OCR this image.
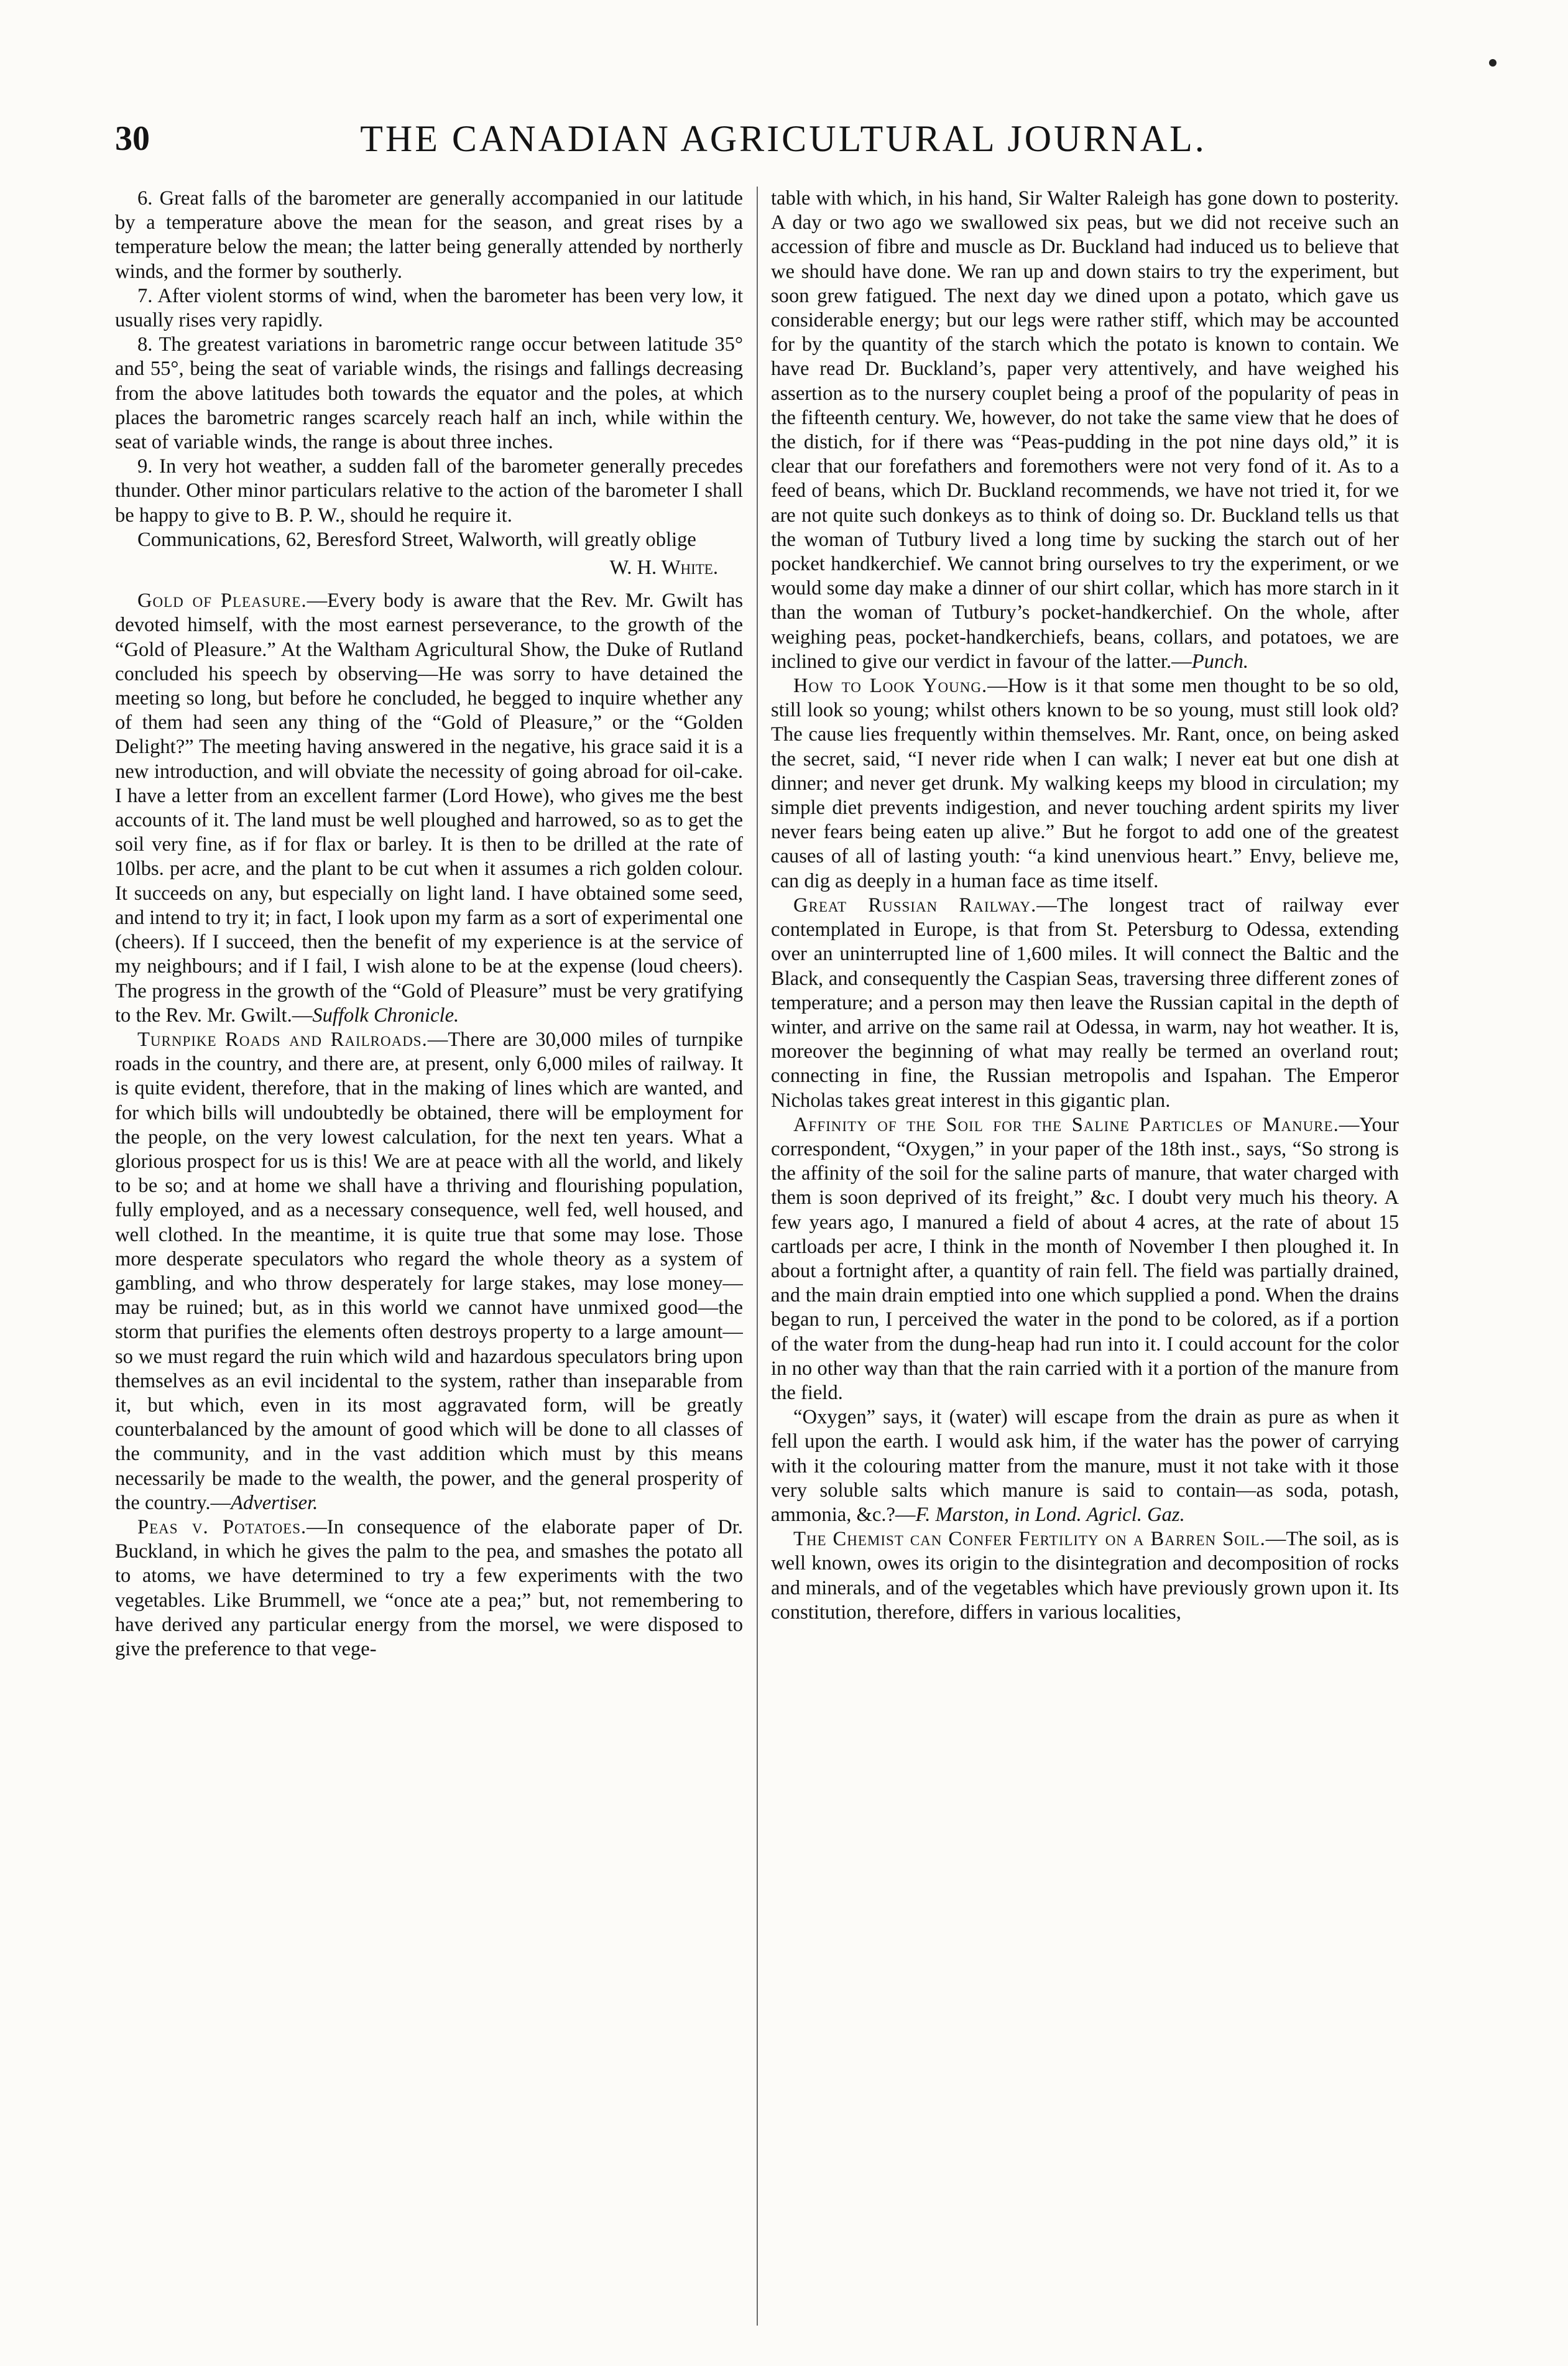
30	THE CANADIAN AGRICULTURAL JOURNAL.

6. Great falls of the barometer are generally accompanied in our latitude by a temperature above the mean for the season, and great rises by a temperature below the mean; the latter being generally attended by northerly winds, and the former by southerly.

7. After violent storms of wind, when the barometer has been very low, it usually rises very rapidly.

8. The greatest variations in barometric range occur between latitude 35° and 55°, being the seat of variable winds, the risings and fallings decreasing from the above latitudes both towards the equator and the poles, at which places the barometric ranges scarcely reach half an inch, while within the seat of variable winds, the range is about three inches.

9. In very hot weather, a sudden fall of the barometer generally precedes thunder. Other minor particulars relative to the action of the barometer I shall be happy to give to B. P. W., should he require it.

Communications, 62, Beresford Street, Walworth, will greatly oblige

W. H. White.

Gold of Pleasure.—Every body is aware that the Rev. Mr. Gwilt has devoted himself, with the most earnest perseverance, to the growth of the “Gold of Pleasure.” At the Waltham Agricultural Show, the Duke of Rutland concluded his speech by observing—He was sorry to have detained the meeting so long, but before he concluded, he begged to inquire whether any of them had seen any thing of the “Gold of Pleasure,” or the “Golden Delight?” The meeting having answered in the negative, his grace said it is a new introduction, and will obviate the necessity of going abroad for oil-cake. I have a letter from an excellent farmer (Lord Howe), who gives me the best accounts of it. The land must be well ploughed and harrowed, so as to get the soil very fine, as if for flax or barley. It is then to be drilled at the rate of 10lbs. per acre, and the plant to be cut when it assumes a rich golden colour. It succeeds on any, but especially on light land. I have obtained some seed, and intend to try it; in fact, I look upon my farm as a sort of experimental one (cheers). If I succeed, then the benefit of my experience is at the service of my neighbours; and if I fail, I wish alone to be at the expense (loud cheers). The progress in the growth of the “Gold of Pleasure” must be very gratifying to the Rev. Mr. Gwilt.—Suffolk Chronicle.

Turnpike Roads and Railroads.—There are 30,000 miles of turnpike roads in the country, and there are, at present, only 6,000 miles of railway. It is quite evident, therefore, that in the making of lines which are wanted, and for which bills will undoubtedly be obtained, there will be employment for the people, on the very lowest calculation, for the next ten years. What a glorious prospect for us is this! We are at peace with all the world, and likely to be so; and at home we shall have a thriving and flourishing population, fully employed, and as a necessary consequence, well fed, well housed, and well clothed. In the meantime, it is quite true that some may lose. Those more desperate speculators who regard the whole theory as a system of gambling, and who throw desperately for large stakes, may lose money—may be ruined; but, as in this world we cannot have unmixed good—the storm that purifies the elements often destroys property to a large amount—so we must regard the ruin which wild and hazardous speculators bring upon themselves as an evil incidental to the system, rather than inseparable from it, but which, even in its most aggravated form, will be greatly counterbalanced by the amount of good which will be done to all classes of the community, and in the vast addition which must by this means necessarily be made to the wealth, the power, and the general prosperity of the country.—Advertiser.

Peas v. Potatoes.—In consequence of the elaborate paper of Dr. Buckland, in which he gives the palm to the pea, and smashes the potato all to atoms, we have determined to try a few experiments with the two vegetables. Like Brummell, we “once ate a pea;” but, not remembering to have derived any particular energy from the morsel, we were disposed to give the preference to that vege-

table with which, in his hand, Sir Walter Raleigh has gone down to posterity. A day or two ago we swallowed six peas, but we did not receive such an accession of fibre and muscle as Dr. Buckland had induced us to believe that we should have done. We ran up and down stairs to try the experiment, but soon grew fatigued. The next day we dined upon a potato, which gave us considerable energy; but our legs were rather stiff, which may be accounted for by the quantity of the starch which the potato is known to contain. We have read Dr. Buckland’s, paper very attentively, and have weighed his assertion as to the nursery couplet being a proof of the popularity of peas in the fifteenth century. We, however, do not take the same view that he does of the distich, for if there was “Peas-pudding in the pot nine days old,” it is clear that our forefathers and foremothers were not very fond of it. As to a feed of beans, which Dr. Buckland recommends, we have not tried it, for we are not quite such donkeys as to think of doing so. Dr. Buckland tells us that the woman of Tutbury lived a long time by sucking the starch out of her pocket handkerchief. We cannot bring ourselves to try the experiment, or we would some day make a dinner of our shirt collar, which has more starch in it than the woman of Tutbury’s pocket-handkerchief. On the whole, after weighing peas, pocket-handkerchiefs, beans, collars, and potatoes, we are inclined to give our verdict in favour of the latter.—Punch.

How to Look Young.—How is it that some men thought to be so old, still look so young; whilst others known to be so young, must still look old? The cause lies frequently within themselves. Mr. Rant, once, on being asked the secret, said, “I never ride when I can walk; I never eat but one dish at dinner; and never get drunk. My walking keeps my blood in circulation; my simple diet prevents indigestion, and never touching ardent spirits my liver never fears being eaten up alive.” But he forgot to add one of the greatest causes of all of lasting youth: “a kind unenvious heart.” Envy, believe me, can dig as deeply in a human face as time itself.

Great Russian Railway.—The longest tract of railway ever contemplated in Europe, is that from St. Petersburg to Odessa, extending over an uninterrupted line of 1,600 miles. It will connect the Baltic and the Black, and consequently the Caspian Seas, traversing three different zones of temperature; and a person may then leave the Russian capital in the depth of winter, and arrive on the same rail at Odessa, in warm, nay hot weather. It is, moreover the beginning of what may really be termed an overland rout; connecting in fine, the Russian metropolis and Ispahan. The Emperor Nicholas takes great interest in this gigantic plan.

Affinity of the Soil for the Saline Particles of Manure.—Your correspondent, “Oxygen,” in your paper of the 18th inst., says, “So strong is the affinity of the soil for the saline parts of manure, that water charged with them is soon deprived of its freight,” &c. I doubt very much his theory. A few years ago, I manured a field of about 4 acres, at the rate of about 15 cartloads per acre, I think in the month of November I then ploughed it. In about a fortnight after, a quantity of rain fell. The field was partially drained, and the main drain emptied into one which supplied a pond. When the drains began to run, I perceived the water in the pond to be colored, as if a portion of the water from the dung-heap had run into it. I could account for the color in no other way than that the rain carried with it a portion of the manure from the field.

“Oxygen” says, it (water) will escape from the drain as pure as when it fell upon the earth. I would ask him, if the water has the power of carrying with it the colouring matter from the manure, must it not take with it those very soluble salts which manure is said to contain—as soda, potash, ammonia, &c.?—F. Marston, in Lond. Agricl. Gaz.

The Chemist can Confer Fertility on a Barren Soil.—The soil, as is well known, owes its origin to the disintegration and decomposition of rocks and minerals, and of the vegetables which have previously grown upon it. Its constitution, therefore, differs in various localities,
